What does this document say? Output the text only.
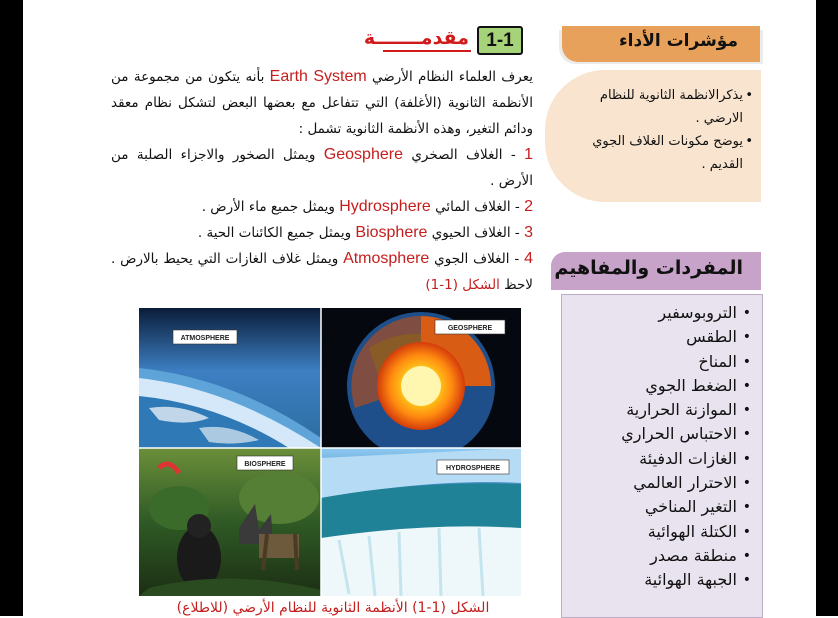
1-1
مقدمـــــــة

يعرف العلماء النظام الأرضي Earth System بأنه يتكون من مجموعة من الأنظمة الثانوية (الأغلفة) التي تتفاعل مع بعضها البعض لتشكل نظام معقد ودائم التغير، وهذه الأنظمة الثانوية تشمل :

1 - الغلاف الصخري Geosphere ويمثل الصخور والاجزاء الصلبة من الأرض .

2 - الغلاف المائي Hydrosphere ويمثل جميع ماء الأرض .

3 - الغلاف الحيوي Biosphere ويمثل جميع الكائنات الحية .

4 - الغلاف الجوي Atmosphere ويمثل غلاف الغازات التي يحيط بالارض . لاحظ الشكل (1-1)

ATMOSPHERE
GEOSPHERE
BIOSPHERE
HYDROSPHERE
الشكل (1-1) الأنظمة الثانوية للنظام الأرضي (للاطلاع)
مؤشرات الأداء
• يذكرالانظمة الثانوية للنظام الارضي .
• يوضح مكونات الغلاف الجوي القديم .
المفردات والمفاهيم
• التروبوسفير
• الطقس
• المناخ
• الضغط الجوي
• الموازنة الحرارية
• الاحتباس الحراري
• الغازات الدفيئة
• الاحترار العالمي
• التغير المناخي
• الكتلة الهوائية
• منطقة مصدر
• الجبهة الهوائية
